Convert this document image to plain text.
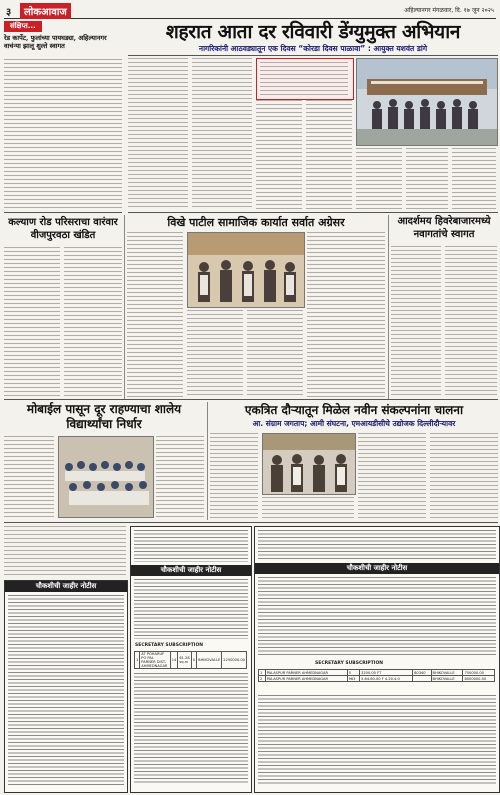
३	लोकआवाज	अहिल्यानगर मंगळवार, दि. १७ जून २०२५
संक्षिप्त...
रेड कार्पेट, फुलांच्या पायघड्या, अहिल्यानगर वाचंन्या झालू शुल्ते स्वागत
शहरात आता दर रविवारी डेंग्युमुक्त अभियान
नागरिकांनी आठवड्यातून एक दिवस “कोरडा दिवस पाळावा” : आयुक्त यशवंत डांगे
कल्याण रोड परिसराचा वारंवार वीजपुरवठा खंडित
विखे पाटील सामाजिक कार्यात सर्वात अग्रेसर	आदर्शमय हिवरेबाजारमध्ये नवागतांचे स्वागत
मोबाईल पासून दूर राहण्याचा शालेय विद्यार्थ्यांचा निर्धार
एकत्रित दौऱ्यातून मिळेल नवीन संकल्पनांना चालना
आ. संग्राम जगताप; आमी संघटना, एमआयडीसीचे उद्योजक दिल्लीदौऱ्यावर
चौकशीची जाहीर नोटीस
चौकशीची जाहीर नोटीस
SECRETARY SUBSCRIPTION
1	AT POHARUF PO PAL PARNER DIST-AHMEDNAGAR	14	61.28 sq.m	0	BHIKOVALLE	2250000.00
चौकशीची जाहीर नोटीस
SECRETARY SUBSCRIPTION
1	PALASPUR PARNER AHMEDNAGAR	5	3200.00 FT	80340	BHIKOVALLE	750000.00
2	PALASPUR PARNER AHMEDNAGAR	963	5.64.60.00 F 4.20.4.0		BHIKOVALLE	8000000.00
